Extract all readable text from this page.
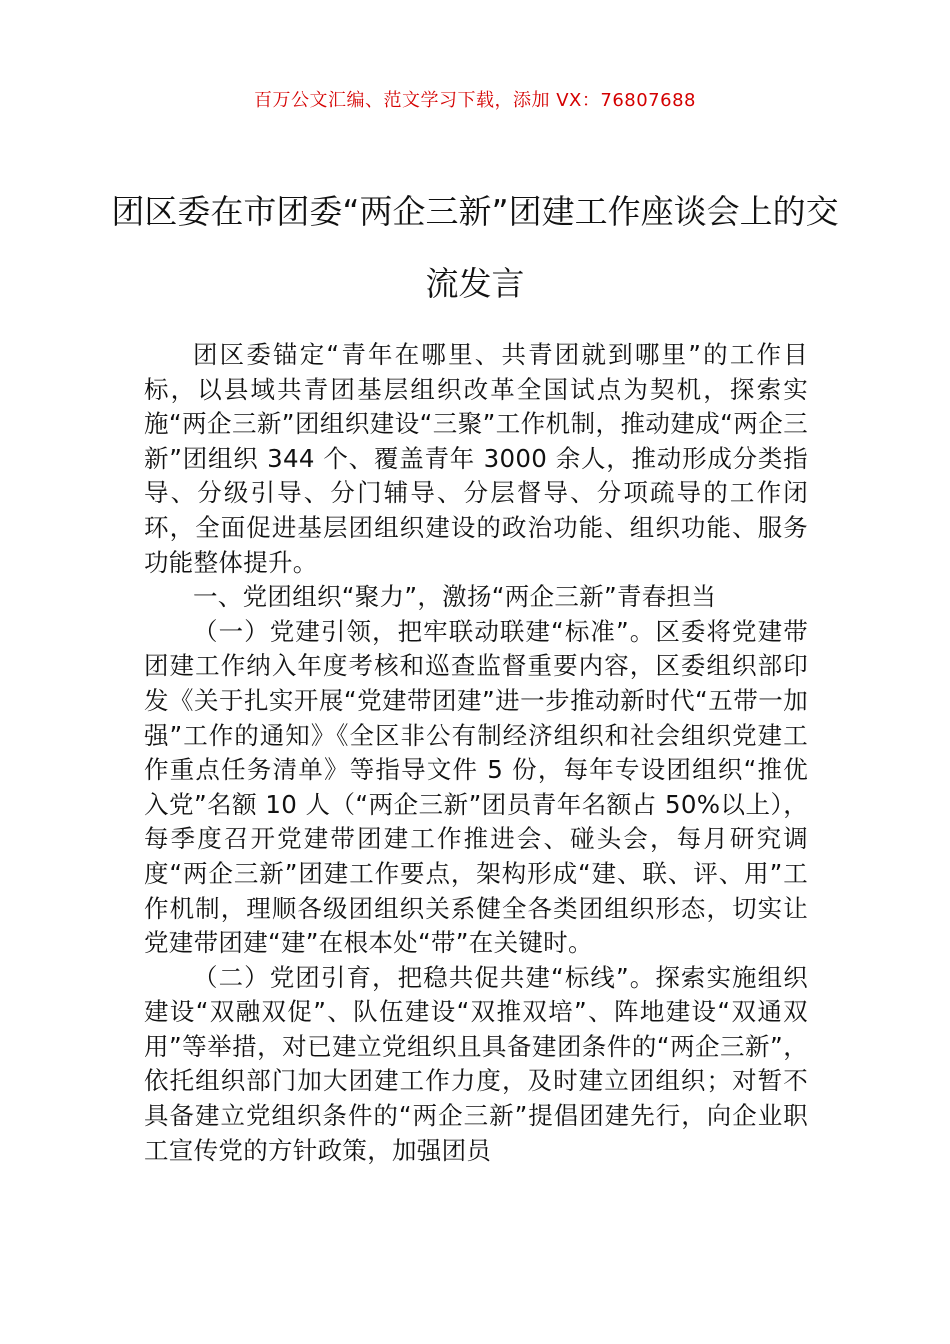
百万公文汇编、范文学习下载，添加 VX：76807688
团区委在市团委“两企三新”团建工作座谈会上的交流发言

团区委锚定“青年在哪里、共青团就到哪里”的工作目标，以县域共青团基层组织改革全国试点为契机，探索实施“两企三新”团组织建设“三聚”工作机制，推动建成“两企三新”团组织 344 个、覆盖青年 3000 余人，推动形成分类指导、分级引导、分门辅导、分层督导、分项疏导的工作闭环，全面促进基层团组织建设的政治功能、组织功能、服务功能整体提升。

一、党团组织“聚力”，激扬“两企三新”青春担当

（一）党建引领，把牢联动联建“标准”。区委将党建带团建工作纳入年度考核和巡查监督重要内容，区委组织部印发《关于扎实开展“党建带团建”进一步推动新时代“五带一加强”工作的通知》《全区非公有制经济组织和社会组织党建工作重点任务清单》等指导文件 5 份，每年专设团组织“推优入党”名额 10 人（“两企三新”团员青年名额占 50%以上），每季度召开党建带团建工作推进会、碰头会，每月研究调度“两企三新”团建工作要点，架构形成“建、联、评、用”工作机制，理顺各级团组织关系健全各类团组织形态，切实让党建带团建“建”在根本处“带”在关键时。

（二）党团引育，把稳共促共建“标线”。探索实施组织建设“双融双促”、队伍建设“双推双培”、阵地建设“双通双用”等举措，对已建立党组织且具备建团条件的“两企三新”，依托组织部门加大团建工作力度，及时建立团组织；对暂不具备建立党组织条件的“两企三新”提倡团建先行，向企业职工宣传党的方针政策，加强团员
